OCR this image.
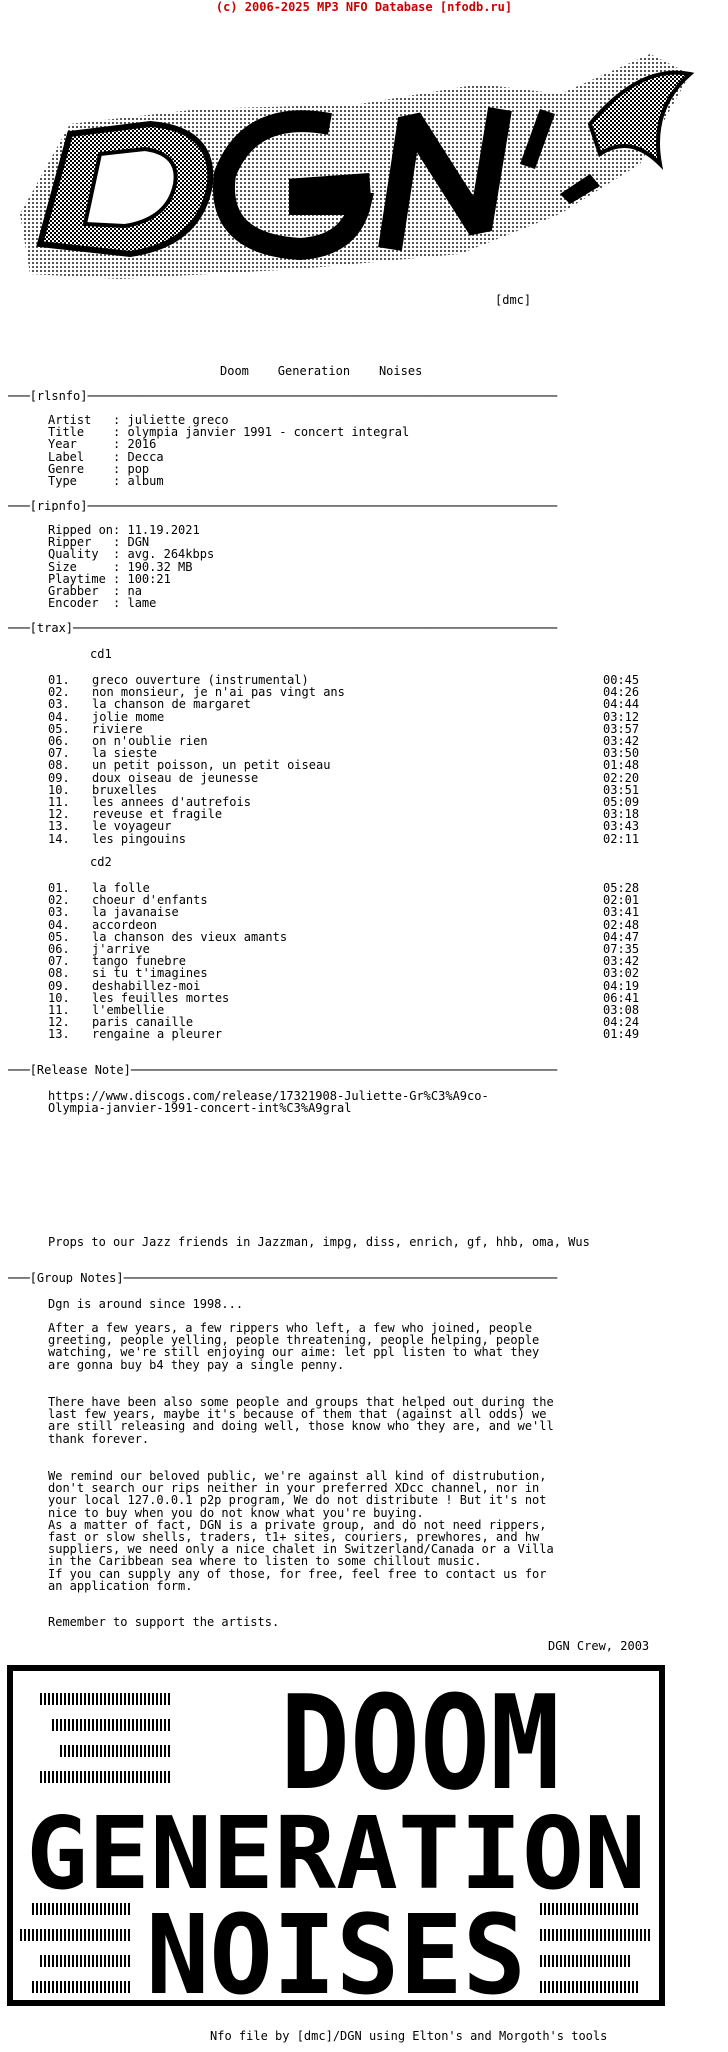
(c) 2006-2025 MP3 NFO Database [nfodb.ru]
[dmc]
Doom    Generation    Noises
───[rlsnfo]─────────────────────────────────────────────────────────────────
Artist   : juliette greco
Title    : olympia janvier 1991 - concert integral
Year     : 2016
Label    : Decca
Genre    : pop
Type     : album
───[ripnfo]─────────────────────────────────────────────────────────────────
Ripped on: 11.19.2021
Ripper   : DGN
Quality  : avg. 264kbps
Size     : 190.32 MB
Playtime : 100:21
Grabber  : na
Encoder  : lame
───[trax]───────────────────────────────────────────────────────────────────
cd1
01. greco ouverture (instrumental)	00:45
02. non monsieur, je n'ai pas vingt ans	04:26
03. la chanson de margaret	04:44
04. jolie mome	03:12
05. riviere	03:57
06. on n'oublie rien	03:42
07. la sieste	03:50
08. un petit poisson, un petit oiseau	01:48
09. doux oiseau de jeunesse	02:20
10. bruxelles	03:51
11. les annees d'autrefois	05:09
12. reveuse et fragile	03:18
13. le voyageur	03:43
14. les pingouins	02:11
cd2
01. la folle	05:28
02. choeur d'enfants	02:01
03. la javanaise	03:41
04. accordeon	02:48
05. la chanson des vieux amants	04:47
06. j'arrive	07:35
07. tango funebre	03:42
08. si tu t'imagines	03:02
09. deshabillez-moi	04:19
10. les feuilles mortes	06:41
11. l'embellie	03:08
12. paris canaille	04:24
13. rengaine a pleurer	01:49
───[Release Note]───────────────────────────────────────────────────────────
https://www.discogs.com/release/17321908-Juliette-Gr%C3%A9co-
Olympia-janvier-1991-concert-int%C3%A9gral
Props to our Jazz friends in Jazzman, impg, diss, enrich, gf, hhb, oma, Wus
───[Group Notes]────────────────────────────────────────────────────────────
Dgn is around since 1998...
After a few years, a few rippers who left, a few who joined, people
greeting, people yelling, people threatening, people helping, people
watching, we're still enjoying our aime: let ppl listen to what they
are gonna buy b4 they pay a single penny.
There have been also some people and groups that helped out during the
last few years, maybe it's because of them that (against all odds) we
are still releasing and doing well, those know who they are, and we'll
thank forever.
We remind our beloved public, we're against all kind of distrubution,
don't search our rips neither in your preferred XDcc channel, nor in
your local 127.0.0.1 p2p program, We do not distribute ! But it's not
nice to buy when you do not know what you're buying.
As a matter of fact, DGN is a private group, and do not need rippers,
fast or slow shells, traders, t1+ sites, couriers, prewhores, and hw
suppliers, we need only a nice chalet in Switzerland/Canada or a Villa
in the Caribbean sea where to listen to some chillout music.
If you can supply any of those, for free, feel free to contact us for
an application form.
Remember to support the artists.
DGN Crew, 2003
DOOM
GENERATION
NOISES
Nfo file by [dmc]/DGN using Elton's and Morgoth's tools
